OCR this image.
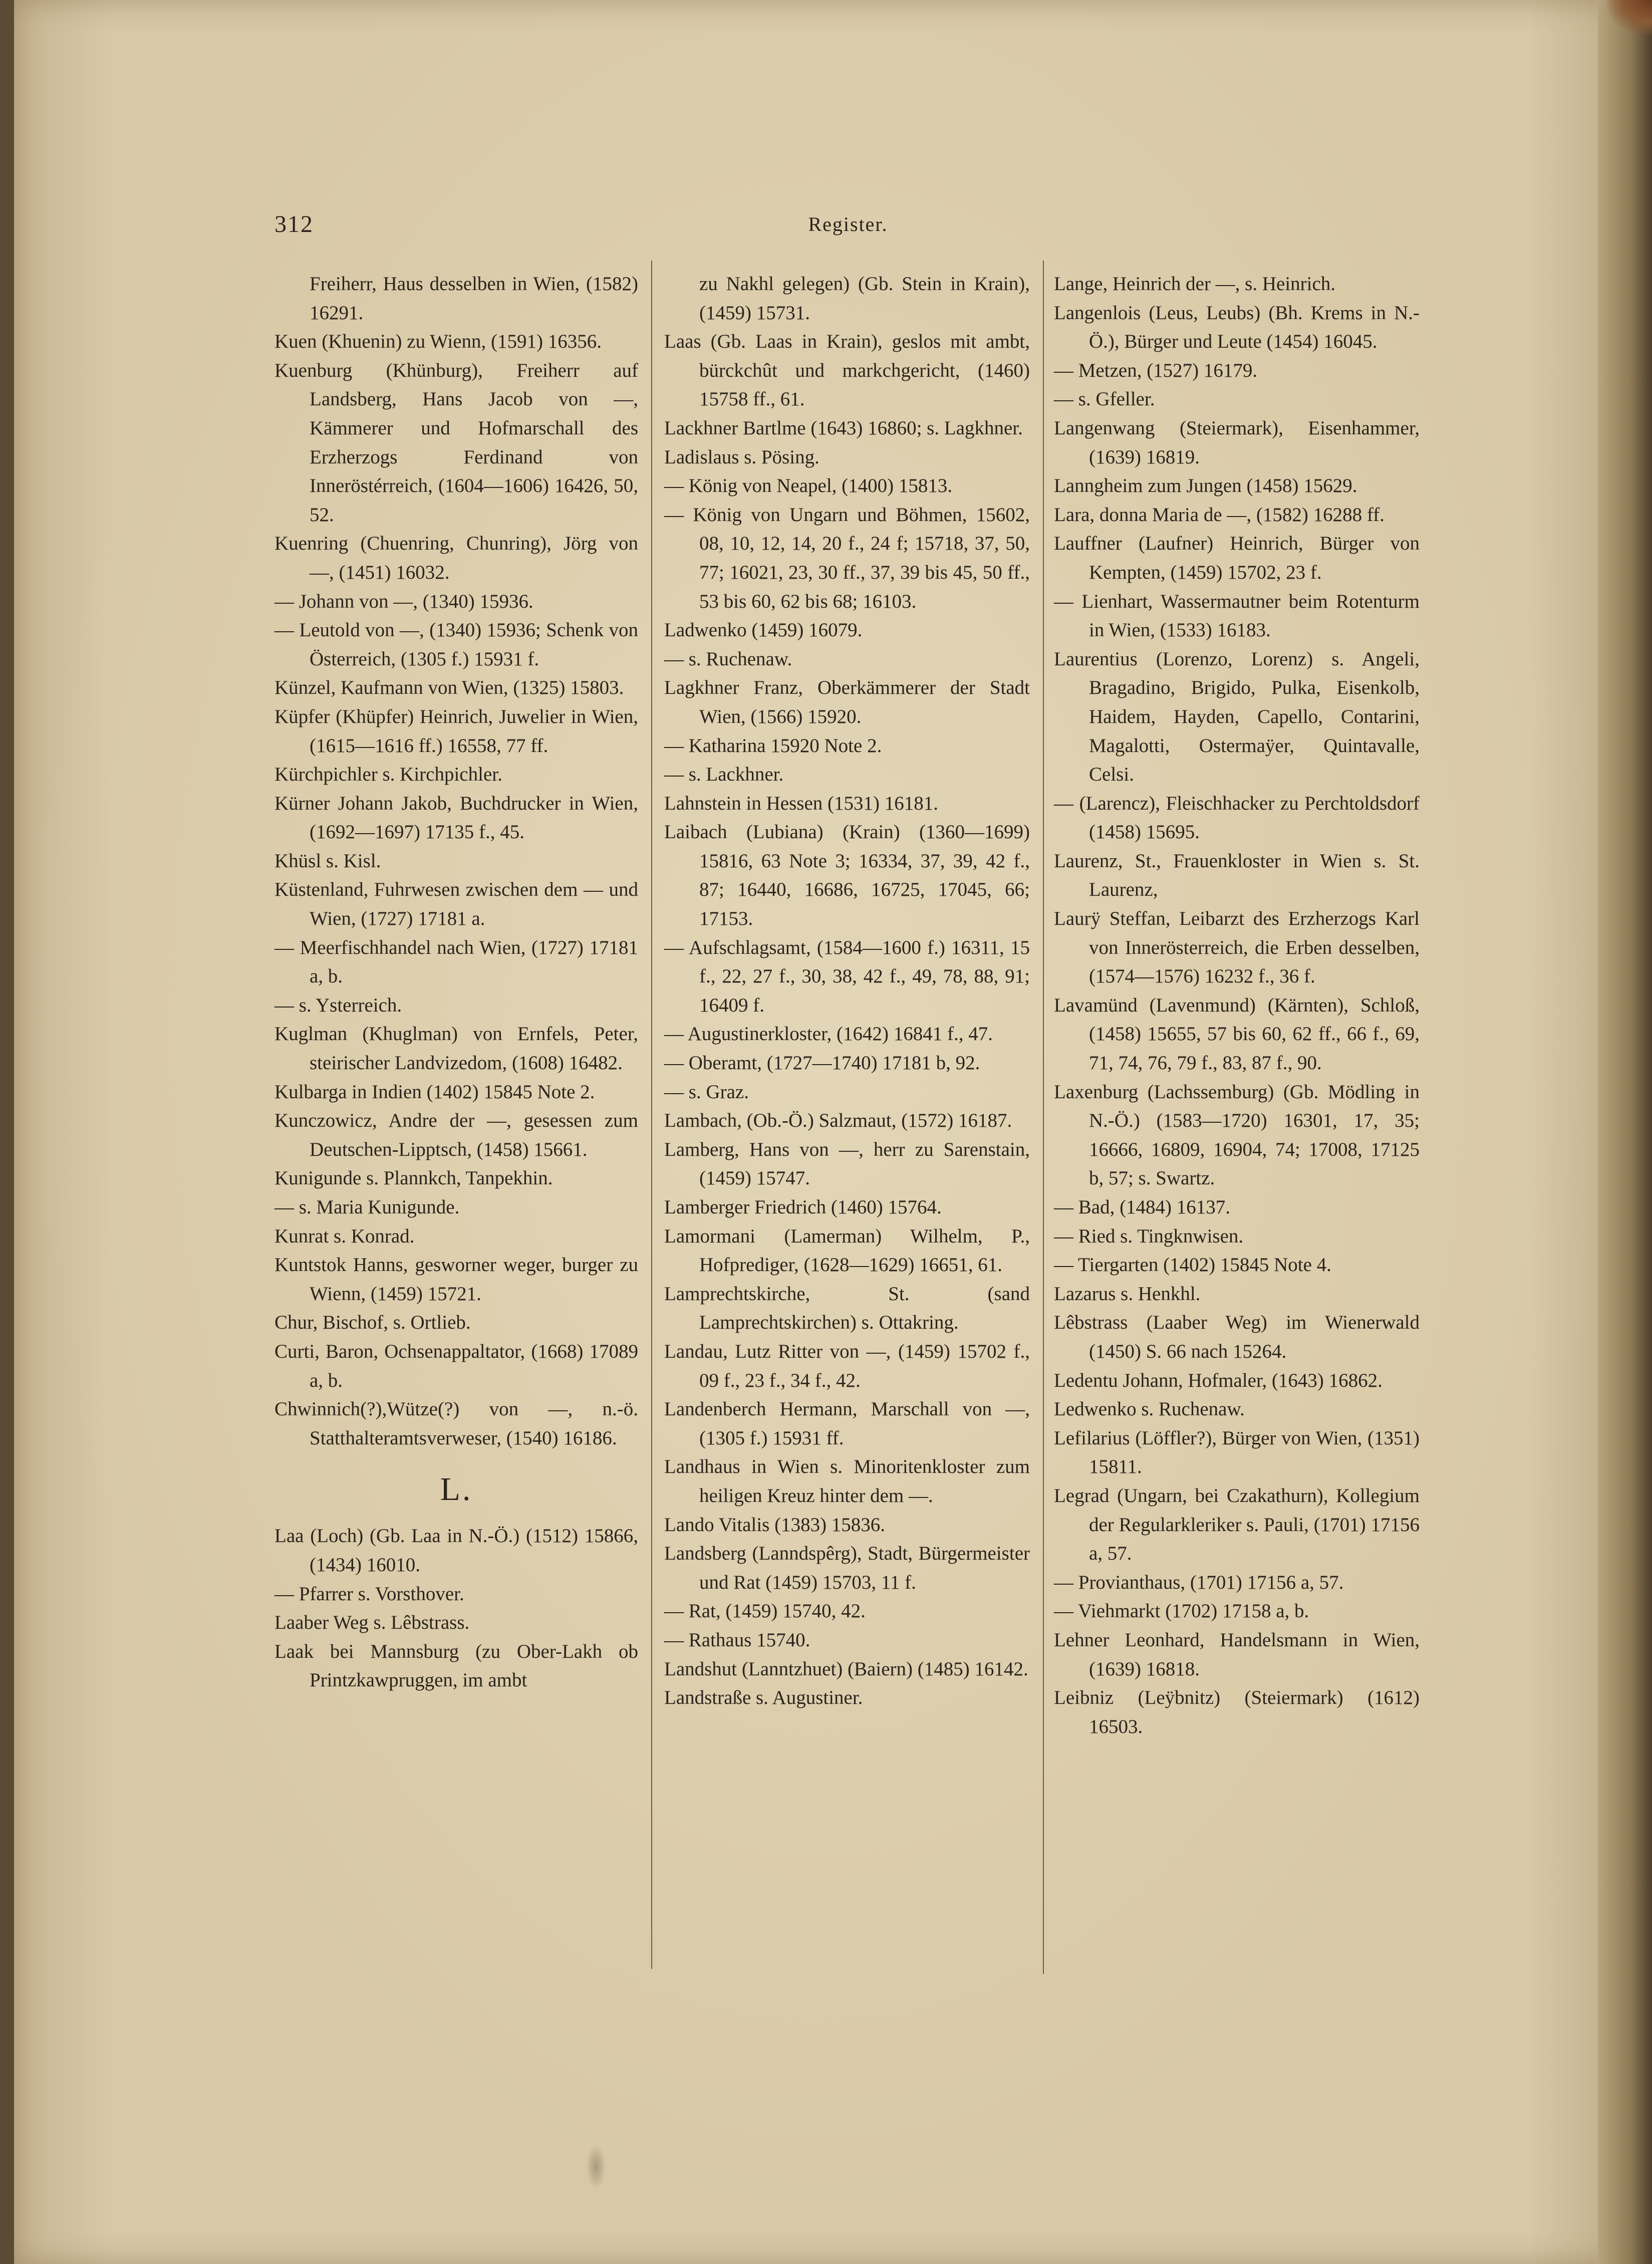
312	Register.

Freiherr, Haus desselben in Wien, (1582) 16291.

Kuen (Khuenin) zu Wienn, (1591) 16356.

Kuenburg (Khünburg), Freiherr auf Landsberg, Hans Jacob von —, Kämmerer und Hofmarschall des Erzherzogs Ferdinand von Inneröstérreich, (1604—1606) 16426, 50, 52.

Kuenring (Chuenring, Chunring), Jörg von —, (1451) 16032.

— Johann von —, (1340) 15936.

— Leutold von —, (1340) 15936; Schenk von Österreich, (1305 f.) 15931 f.

Künzel, Kaufmann von Wien, (1325) 15803.

Küpfer (Khüpfer) Heinrich, Juwelier in Wien, (1615—1616 ff.) 16558, 77 ff.

Kürchpichler s. Kirchpichler.

Kürner Johann Jakob, Buchdrucker in Wien, (1692—1697) 17135 f., 45.

Khüsl s. Kisl.

Küstenland, Fuhrwesen zwischen dem — und Wien, (1727) 17181 a.

— Meerfischhandel nach Wien, (1727) 17181 a, b.

— s. Ysterreich.

Kuglman (Khuglman) von Ernfels, Peter, steirischer Landvizedom, (1608) 16482.

Kulbarga in Indien (1402) 15845 Note 2.

Kunczowicz, Andre der —, gesessen zum Deutschen-Lipptsch, (1458) 15661.

Kunigunde s. Plannkch, Tanpekhin.

— s. Maria Kunigunde.

Kunrat s. Konrad.

Kuntstok Hanns, gesworner weger, burger zu Wienn, (1459) 15721.

Chur, Bischof, s. Ortlieb.

Curti, Baron, Ochsenappaltator, (1668) 17089 a, b.

Chwinnich(?),Wütze(?) von —, n.-ö. Statthalteramtsverweser, (1540) 16186.

L.

Laa (Loch) (Gb. Laa in N.-Ö.) (1512) 15866, (1434) 16010.

— Pfarrer s. Vorsthover.

Laaber Weg s. Lêbstrass.

Laak bei Mannsburg (zu Ober-Lakh ob Printzkawpruggen, im ambt

zu Nakhl gelegen) (Gb. Stein in Krain), (1459) 15731.

Laas (Gb. Laas in Krain), geslos mit ambt, bürckchût und markchgericht, (1460) 15758 ff., 61.

Lackhner Bartlme (1643) 16860; s. Lagkhner.

Ladislaus s. Pösing.

— König von Neapel, (1400) 15813.

— König von Ungarn und Böhmen, 15602, 08, 10, 12, 14, 20 f., 24 f; 15718, 37, 50, 77; 16021, 23, 30 ff., 37, 39 bis 45, 50 ff., 53 bis 60, 62 bis 68; 16103.

Ladwenko (1459) 16079.

— s. Ruchenaw.

Lagkhner Franz, Oberkämmerer der Stadt Wien, (1566) 15920.

— Katharina 15920 Note 2.

— s. Lackhner.

Lahnstein in Hessen (1531) 16181.

Laibach (Lubiana) (Krain) (1360—1699) 15816, 63 Note 3; 16334, 37, 39, 42 f., 87; 16440, 16686, 16725, 17045, 66; 17153.

— Aufschlagsamt, (1584—1600 f.) 16311, 15 f., 22, 27 f., 30, 38, 42 f., 49, 78, 88, 91; 16409 f.

— Augustinerkloster, (1642) 16841 f., 47.

— Oberamt, (1727—1740) 17181 b, 92.

— s. Graz.

Lambach, (Ob.-Ö.) Salzmaut, (1572) 16187.

Lamberg, Hans von —, herr zu Sarenstain, (1459) 15747.

Lamberger Friedrich (1460) 15764.

Lamormani (Lamerman) Wilhelm, P., Hofprediger, (1628—1629) 16651, 61.

Lamprechtskirche, St. (sand Lamprechtskirchen) s. Ottakring.

Landau, Lutz Ritter von —, (1459) 15702 f., 09 f., 23 f., 34 f., 42.

Landenberch Hermann, Marschall von —, (1305 f.) 15931 ff.

Landhaus in Wien s. Minoritenkloster zum heiligen Kreuz hinter dem —.

Lando Vitalis (1383) 15836.

Landsberg (Lanndspêrg), Stadt, Bürgermeister und Rat (1459) 15703, 11 f.

— Rat, (1459) 15740, 42.

— Rathaus 15740.

Landshut (Lanntzhuet) (Baiern) (1485) 16142.

Landstraße s. Augustiner.

Lange, Heinrich der —, s. Heinrich.

Langenlois (Leus, Leubs) (Bh. Krems in N.-Ö.), Bürger und Leute (1454) 16045.

— Metzen, (1527) 16179.

— s. Gfeller.

Langenwang (Steiermark), Eisenhammer, (1639) 16819.

Lanngheim zum Jungen (1458) 15629.

Lara, donna Maria de —, (1582) 16288 ff.

Lauffner (Laufner) Heinrich, Bürger von Kempten, (1459) 15702, 23 f.

— Lienhart, Wassermautner beim Rotenturm in Wien, (1533) 16183.

Laurentius (Lorenzo, Lorenz) s. Angeli, Bragadino, Brigido, Pulka, Eisenkolb, Haidem, Hayden, Capello, Contarini, Magalotti, Ostermaÿer, Quintavalle, Celsi.

— (Larencz), Fleischhacker zu Perchtoldsdorf (1458) 15695.

Laurenz, St., Frauenkloster in Wien s. St. Laurenz,

Laurÿ Steffan, Leibarzt des Erzherzogs Karl von Innerösterreich, die Erben desselben, (1574—1576) 16232 f., 36 f.

Lavamünd (Lavenmund) (Kärnten), Schloß, (1458) 15655, 57 bis 60, 62 ff., 66 f., 69, 71, 74, 76, 79 f., 83, 87 f., 90.

Laxenburg (Lachssemburg) (Gb. Mödling in N.-Ö.) (1583—1720) 16301, 17, 35; 16666, 16809, 16904, 74; 17008, 17125 b, 57; s. Swartz.

— Bad, (1484) 16137.

— Ried s. Tingknwisen.

— Tiergarten (1402) 15845 Note 4.

Lazarus s. Henkhl.

Lêbstrass (Laaber Weg) im Wienerwald (1450) S. 66 nach 15264.

Ledentu Johann, Hofmaler, (1643) 16862.

Ledwenko s. Ruchenaw.

Lefilarius (Löffler?), Bürger von Wien, (1351) 15811.

Legrad (Ungarn, bei Czakathurn), Kollegium der Regularkleriker s. Pauli, (1701) 17156 a, 57.

— Provianthaus, (1701) 17156 a, 57.

— Viehmarkt (1702) 17158 a, b.

Lehner Leonhard, Handelsmann in Wien, (1639) 16818.

Leibniz (Leÿbnitz) (Steiermark) (1612) 16503.
